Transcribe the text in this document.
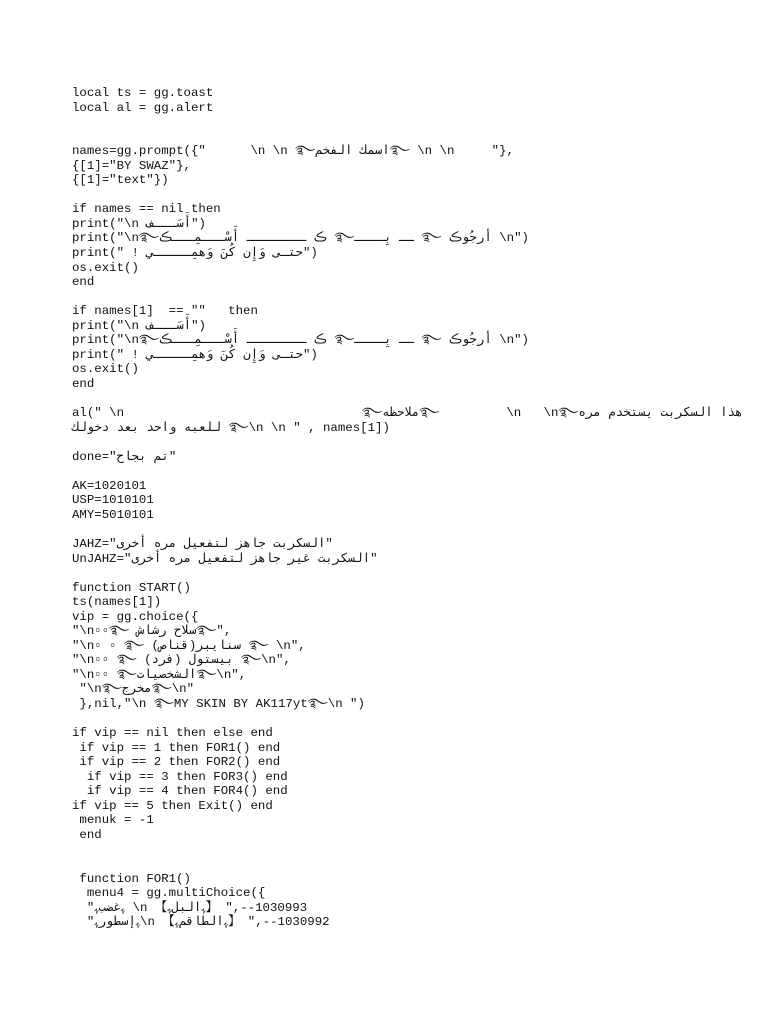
local ts = gg.toast
local al = gg.alert
names=gg.prompt({"      \n \n ࿐اسمك الفخم࿐ \n \n     "},
{[1]="BY SWAZ"},
{[1]="text"})
if names == nil then
print("\n أَسَـــف")
print("\n࿐ڪ ــــــــ أَسْـــمِـــڪ ࿐ــ بِــــ ࿐ أرجُوڪ \n")
print(" ! حتـى وَإِن كُنَ وَهمِـــــي")
os.exit()
end
if names[1]  == ""   then
print("\n أَسَـــف")
print("\n࿐ڪ ــــــــ أَسْـــمِـــڪ ࿐ــ بِــــ ࿐ أرجُوڪ \n")
print(" ! حتـى وَإِن كُنَ وَهمِـــــي")
os.exit()
end
al(" \n                                ࿐ملاحظه࿐         \n   \n࿐هذا السكربت يستخدم مره
للعبه واحد بعد دخولك ࿐\n \n " , names[1])
done="تم بجاح"
AK=1020101
USP=1010101
AMY=5010101
JAHZ="السكربت جاهز لتفعيل مره أخرى"
UnJAHZ="السكربت غير جاهز لتفعيل مره أخرى"
function START()
ts(names[1])
vip = gg.choice({
"\n▫▫࿐ سلاح رشاش࿐",
"\n▫ ▫ ࿐ سنايبر(قناص) ࿐ \n",
"\n▫▫ ࿐ بيستول (فرد) ࿐\n",
"\n▫▫ ࿐الشخصيات࿐\n",
"\n࿐مخرج࿐\n"
},nil,"\n ࿐MY SKIN BY AK117yt࿐\n ")
if vip == nil then else end
if vip == 1 then FOR1() end
if vip == 2 then FOR2() end
if vip == 3 then FOR3() end
if vip == 4 then FOR4() end
if vip == 5 then Exit() end
menuk = -1
end
function FOR1()
menu4 = gg.multiChoice({
"ﮩغضبﮩ \n 【ﮩالبلﮩ】 ",--1030993
"ﮩإسطورﮩ\n 【ﮩالطاقمﮩ】 ",--1030992
